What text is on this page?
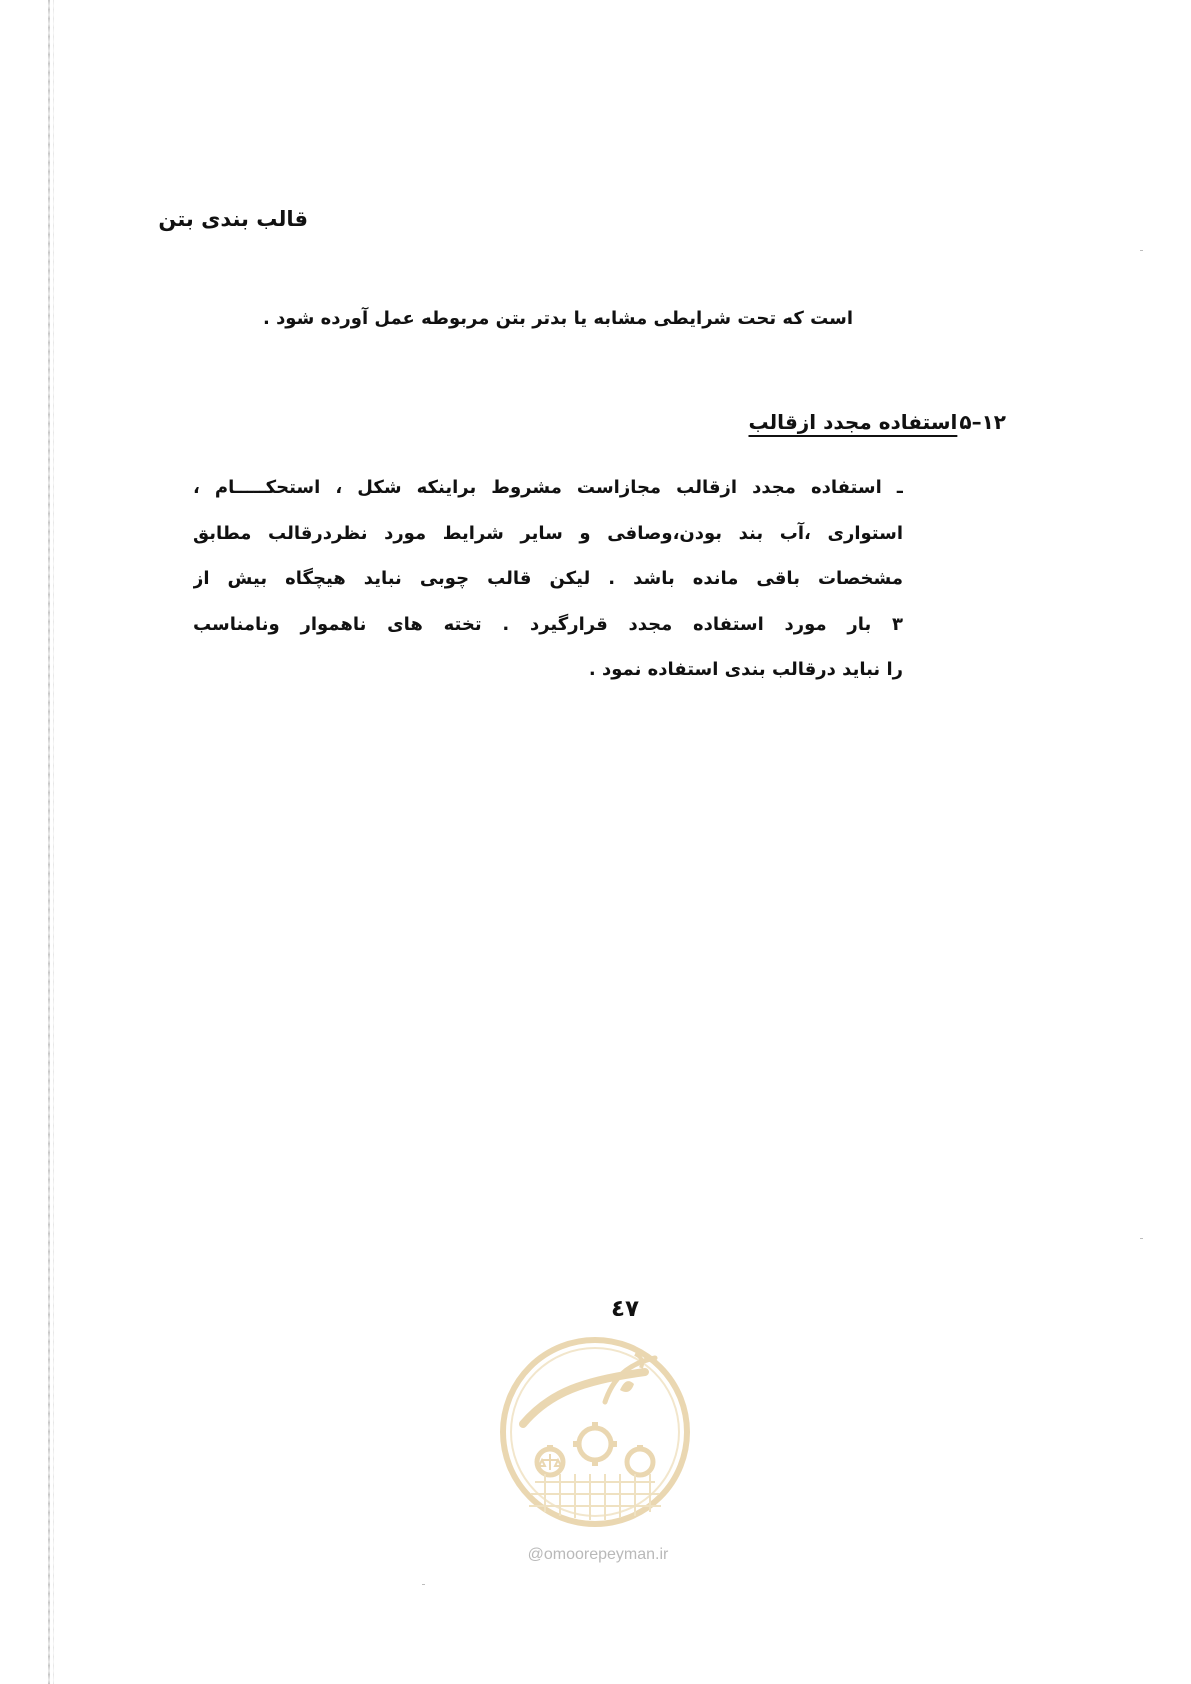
قالب بندی بتن
است که تحت شرایطی مشابه یا بدتر بتن مربوطه عمل آورده شود .
۱۲–۵استفاده مجدد ازقالب
ـ استفاده مجدد ازقالب مجازاست مشروط براینکه شکل ، استحکـــــام ،
استواری ،آب بند بودن،وصافی و سایر شرایط مورد نظردرقالب مطابق
مشخصات باقی مانده باشد . لیکن قالب چوبی نباید هیچگاه بیش از
۳ بار مورد استفاده مجدد قرارگیرد . تخته های ناهموار ونامناسب
را نباید درقالب بندی استفاده نمود .
٤٧
@omoorepeyman.ir
